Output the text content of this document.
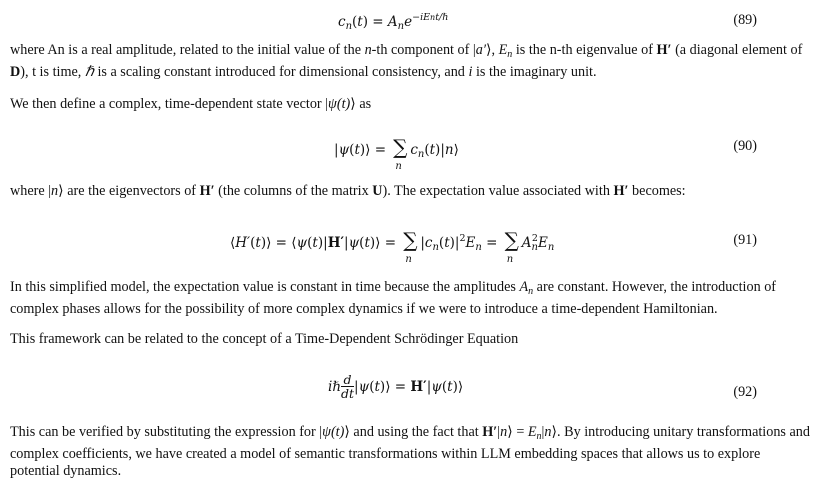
$c_n(t) = A_ne^{-iEnt/\hbar}$	(89)
where An is a real amplitude, related to the initial value of the n-th component of |a′⟩, $E_n$ is the n-th eigenvalue of H′ (a diagonal element of D), t is time, ℏ is a scaling constant introduced for dimensional consistency, and i is the imaginary unit.
We then define a complex, time-dependent state vector |ψ(t)⟩ as
|ψ(t)⟩ = ∑
n
$c_n(t)|n⟩$	(90)
where |n⟩ are the eigenvectors of H′ (the columns of the matrix U). The expectation value associated with H′ becomes:
⟨H′(t)⟩ = ⟨ψ(t)|H′|ψ(t)⟩ = ∑
n
$|c_n(t)|^2E_n$ = ∑
n
$A_n^2E_n$	(91)
In this simplified model, the expectation value is constant in time because the amplitudes $A_n$ are constant. However, the introduction of complex phases allows for the possibility of more complex dynamics if we were to introduce a time-dependent Hamiltonian.
This framework can be related to the concept of a Time-Dependent Schrödinger Equation
iℏ $\frac{d}{dt}$ |ψ(t)⟩ = H′|ψ(t)⟩	(92)
This can be verified by substituting the expression for |ψ(t)⟩ and using the fact that H′|n⟩ = $E_n|n⟩$. By introducing unitary transformations and complex coefficients, we have created a model of semantic transformations within LLM embedding spaces that allows us to explore potential dynamics.
